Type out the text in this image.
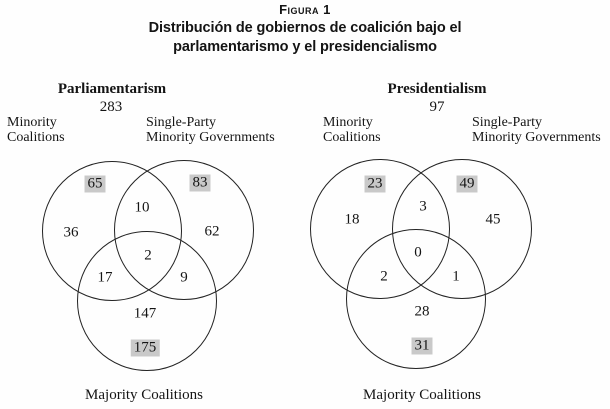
Figura 1
Distribución de gobiernos de coalición bajo el
parlamentarismo y el presidencialismo
Parliamentarism
283
Minority
Coalitions
Single-Party
Minority Governments
65	83
10
36	62
2
17	9
147
175
Majority Coalitions
Presidentialism
97
Minority
Coalitions
Single-Party
Minority Governments
23	49
3
18	45
0
2	1
28
31
Majority Coalitions
